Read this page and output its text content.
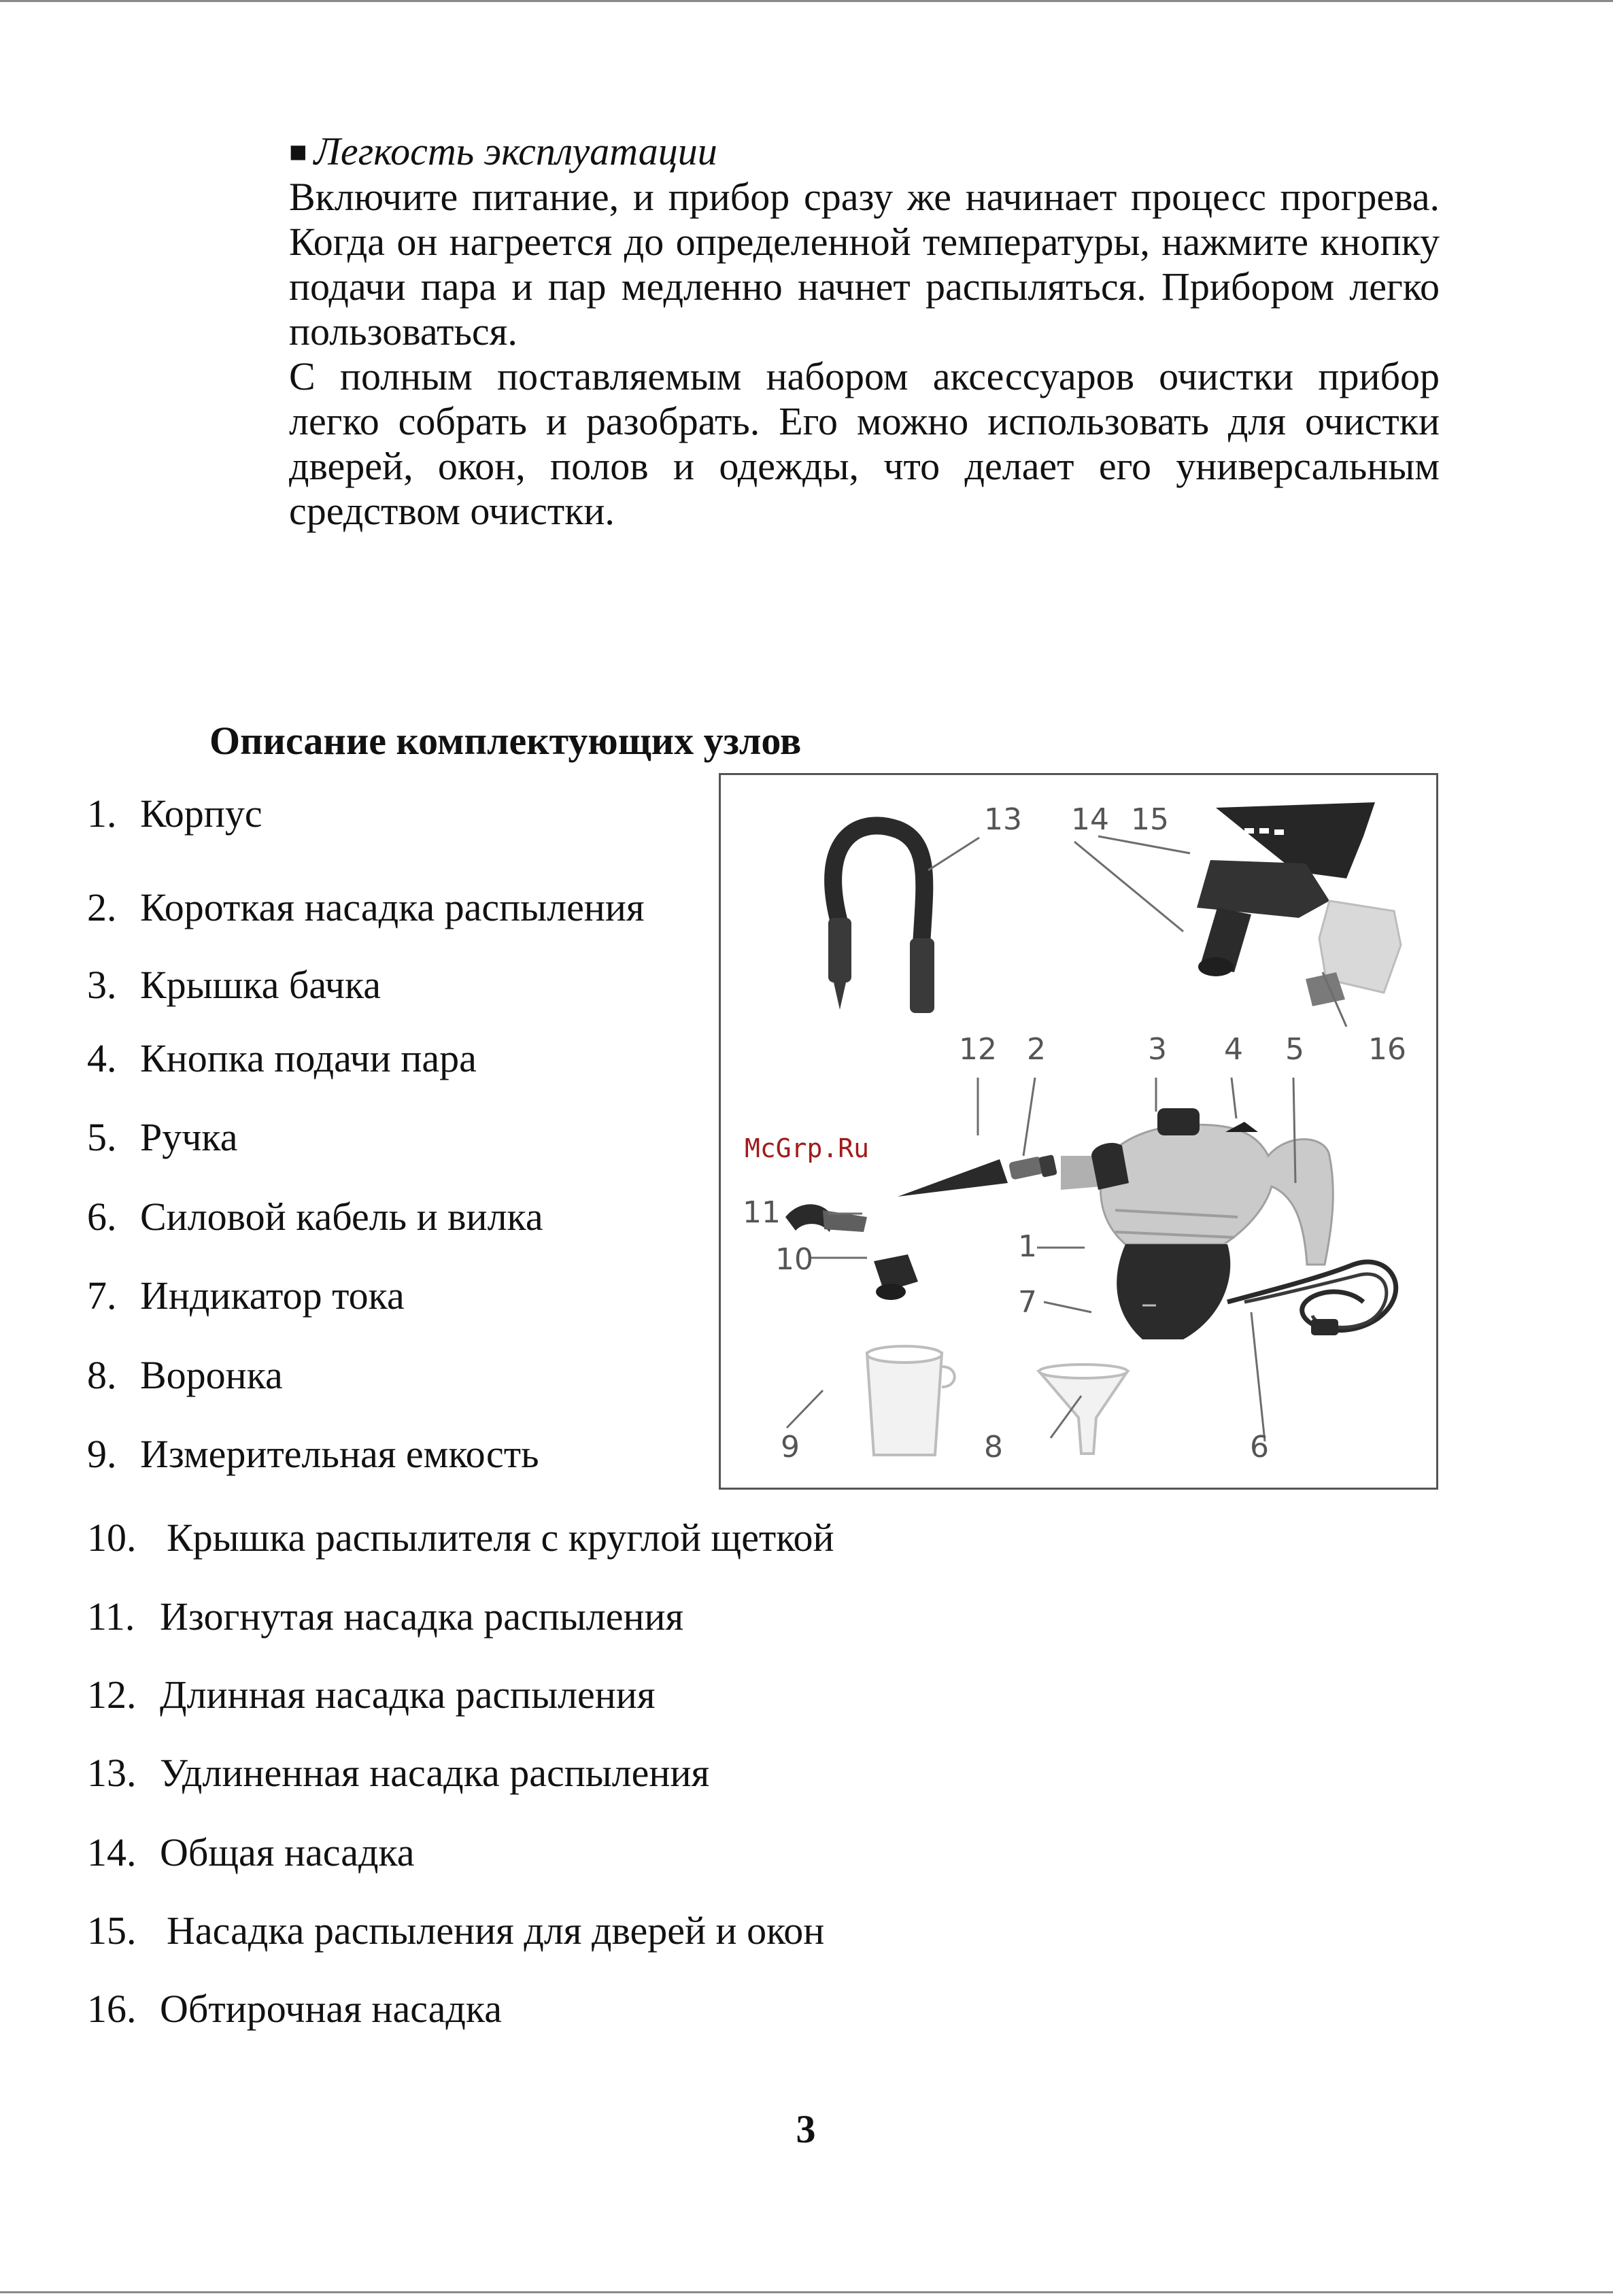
■ Легкость эксплуатации
Включите питание, и прибор сразу же начинает процесс прогрева. Когда он нагреется до определенной температуры, нажмите кнопку подачи пара и пар медленно начнет распыляться. Прибором легко пользоваться.
С полным поставляемым набором аксессуаров очистки прибор легко собрать и разобрать. Его можно использовать для очистки дверей, окон, полов и одежды, что делает его универсальным средством очистки.
Описание комплектующих узлов
1. Корпус
2. Короткая насадка распыления
3. Крышка бачка
4. Кнопка подачи пара
5. Ручка
6. Силовой кабель и вилка
7. Индикатор тока
8. Воронка
9. Измерительная емкость
10. Крышка распылителя с круглой щеткой
11. Изогнутая насадка распыления
12. Длинная насадка распыления
13. Удлиненная насадка распыления
14. Общая насадка
15. Насадка распыления для дверей и окон
16. Обтирочная насадка
13 14 15
16
12 2	3 4 5
1
7
11
10
9	8	6
McGrp.Ru
3
